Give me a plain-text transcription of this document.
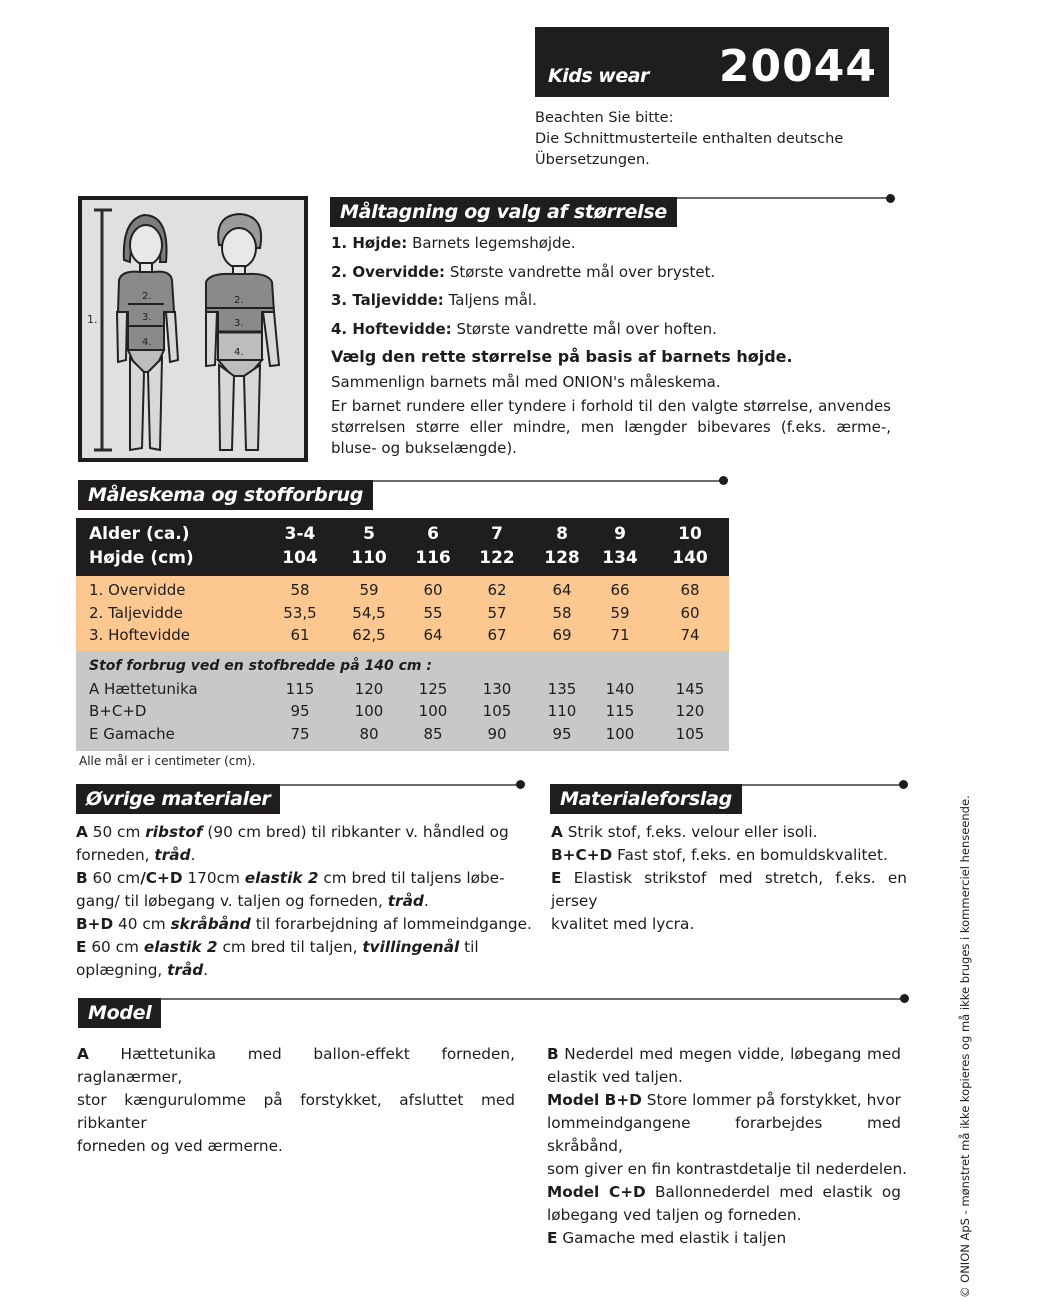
Kids wear 20044
Beachten Sie bitte:
Die Schnittmusterteile enthalten deutsche
Übersetzungen.
1.
2.
3.
4.
2.
3.
4.
Måltagning og valg af størrelse
1. Højde: Barnets legemshøjde.
2. Overvidde: Største vandrette mål over brystet.
3. Taljevidde: Taljens mål.
4. Hoftevidde: Største vandrette mål over hoften.
Vælg den rette størrelse på basis af barnets højde.
Sammenlign barnets mål med ONION's måleskema.
Er barnet rundere eller tyndere i forhold til den valgte størrelse, anvendes størrelsen større eller mindre, men længder bibevares (f.eks. ærme-, bluse- og bukselængde).
Måleskema og stofforbrug
Alder (ca.)	3-4	5	6	7	8	9	10
Højde (cm)	104	110	116	122	128	134	140
1. Overvidde	58	59	60	62	64	66	68
2. Taljevidde	53,5	54,5	55	57	58	59	60
3. Hoftevidde	61	62,5	64	67	69	71	74
Stof forbrug ved en stofbredde på 140 cm :
A Hættetunika	115	120	125	130	135	140	145
B+C+D	95	100	100	105	110	115	120
E Gamache	75	80	85	90	95	100	105
Alle mål er i centimeter (cm).
Øvrige materialer
A 50 cm ribstof (90 cm bred) til ribkanter v. håndled og
forneden, tråd.
B 60 cm/C+D 170cm elastik 2 cm bred til taljens løbe-
gang/ til løbegang v. taljen og forneden, tråd.
B+D 40 cm skråbånd til forarbejdning af lommeindgange.
E 60 cm elastik 2 cm bred til taljen, tvillingenål til
oplægning, tråd.
Materialeforslag
A Strik stof, f.eks. velour eller isoli.
B+C+D Fast stof, f.eks. en bomuldskvalitet.
E Elastisk strikstof med stretch, f.eks. en jersey
kvalitet med lycra.
Model
A Hættetunika med ballon-effekt forneden, raglanærmer,
stor kængurulomme på forstykket, afsluttet med ribkanter
forneden og ved ærmerne.
B Nederdel med megen vidde, løbegang med
elastik ved taljen.
Model B+D Store lommer på forstykket, hvor
lommeindgangene forarbejdes med skråbånd,
som giver en fin kontrastdetalje til nederdelen.
Model C+D Ballonnederdel med elastik og
løbegang ved taljen og forneden.
E Gamache med elastik i taljen	© ONION ApS - mønstret må ikke kopieres og må ikke bruges i kommerciel henseende.
